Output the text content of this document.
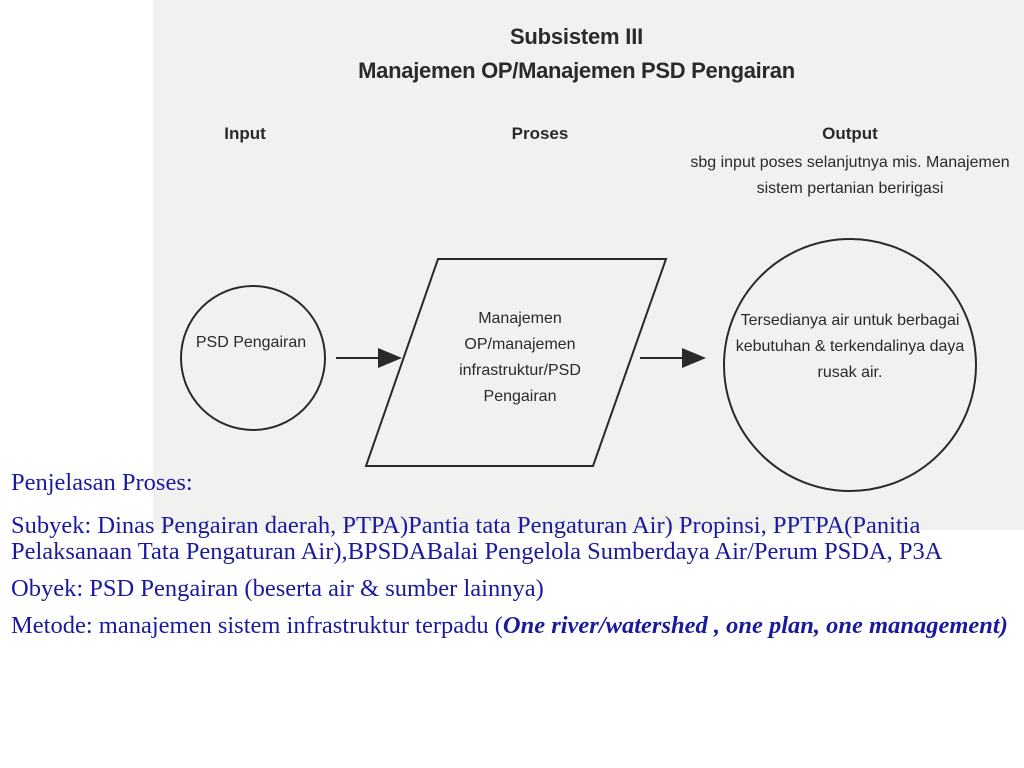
Subsistem III
Manajemen OP/Manajemen PSD Pengairan
Input	Proses	Output
sbg input poses selanjutnya mis. Manajemen sistem pertanian beririgasi
PSD Pengairan
Manajemen OP/manajemen infrastruktur/PSD Pengairan
Tersedianya air untuk berbagai kebutuhan & terkendalinya daya rusak air.

Penjelasan Proses:

Subyek: Dinas Pengairan daerah, PTPA)Pantia tata Pengaturan Air) Propinsi, PPTPA(Panitia Pelaksanaan Tata Pengaturan Air),BPSDABalai Pengelola Sumberdaya Air/Perum PSDA, P3A

Obyek: PSD Pengairan (beserta air & sumber lainnya)

Metode: manajemen sistem infrastruktur terpadu (One river/watershed , one plan, one management)
